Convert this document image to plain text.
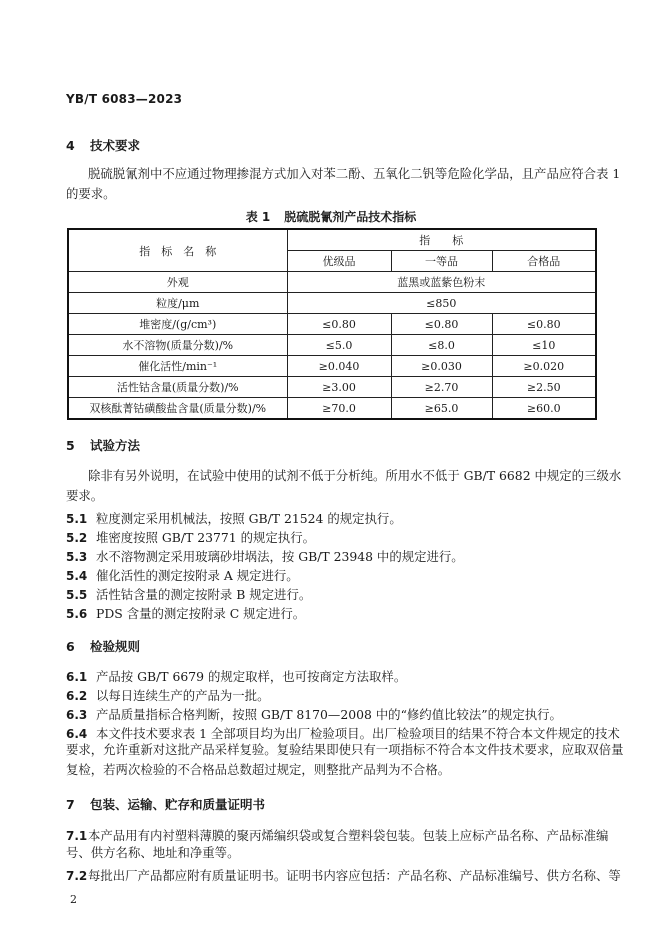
YB/T 6083—2023
4 技术要求
脱硫脱氰剂中不应通过物理掺混方式加入对苯二酚、五氧化二钒等危险化学品，且产品应符合表 1
的要求。
表 1 脱硫脱氰剂产品技术指标
指　标　名　称	指　　标		
	优级品	一等品	合格品
外观	蓝黑或蓝紫色粉末		
粒度/μm	≤850		
堆密度/(g/cm³)	≤0.80	≤0.80	≤0.80
水不溶物(质量分数)/%	≤5.0	≤8.0	≤10
催化活性/min⁻¹	≥0.040	≥0.030	≥0.020
活性钴含量(质量分数)/%	≥3.00	≥2.70	≥2.50
双核酞菁钴磺酸盐含量(质量分数)/%	≥70.0	≥65.0	≥60.0
5 试验方法
除非有另外说明，在试验中使用的试剂不低于分析纯。所用水不低于 GB/T 6682 中规定的三级水
要求。
5.1 粒度测定采用机械法，按照 GB/T 21524 的规定执行。
5.2 堆密度按照 GB/T 23771 的规定执行。
5.3 水不溶物测定采用玻璃砂坩埚法，按 GB/T 23948 中的规定进行。
5.4 催化活性的测定按附录 A 规定进行。
5.5 活性钴含量的测定按附录 B 规定进行。
5.6 PDS 含量的测定按附录 C 规定进行。
6 检验规则
6.1 产品按 GB/T 6679 的规定取样，也可按商定方法取样。
6.2 以每日连续生产的产品为一批。
6.3 产品质量指标合格判断，按照 GB/T 8170—2008 中的“修约值比较法”的规定执行。
6.4 本文件技术要求表 1 全部项目均为出厂检验项目。出厂检验项目的结果不符合本文件规定的技术
要求，允许重新对这批产品采样复验。复验结果即使只有一项指标不符合本文件技术要求，应取双倍量
复检，若两次检验的不合格品总数超过规定，则整批产品判为不合格。
7 包装、运输、贮存和质量证明书
7.1本产品用有内衬塑料薄膜的聚丙烯编织袋或复合塑料袋包装。包装上应标产品名称、产品标准编
号、供方名称、地址和净重等。
7.2每批出厂产品都应附有质量证明书。证明书内容应包括：产品名称、产品标准编号、供方名称、等
2
